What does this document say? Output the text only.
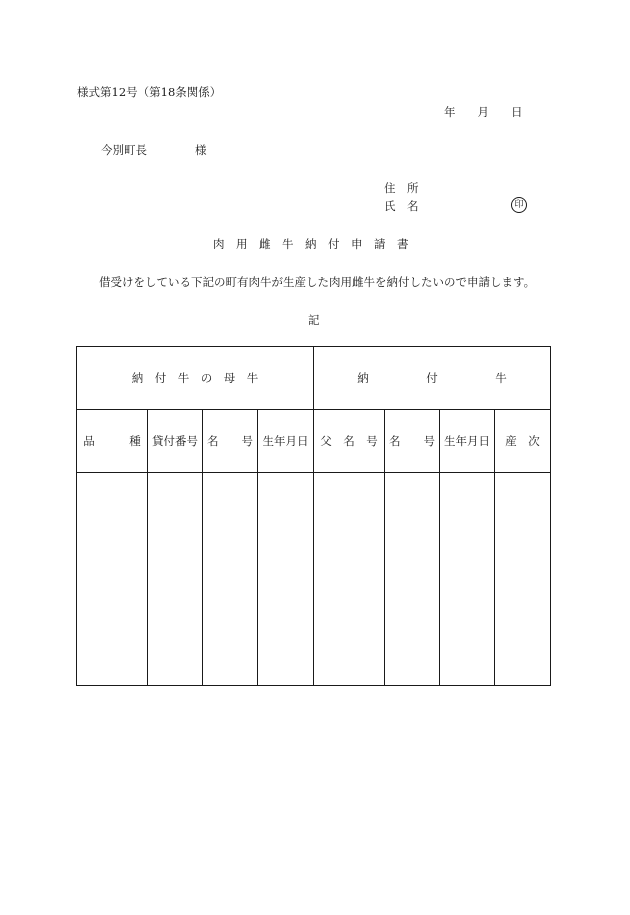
様式第12号（第18条関係）
年 月 日
今別町長	様
住　所
氏　名	印
肉　用　雌　牛　納　付　申　請　書
借受けをしている下記の町有肉牛が生産した肉用雌牛を納付したいので申請します。
記
納　付　牛　の　母　牛				納　　　　　付　　　　　牛			
品　　　種	貸付番号	名　　号	生年月日	父　名　号	名　　号	生年月日	産　次
